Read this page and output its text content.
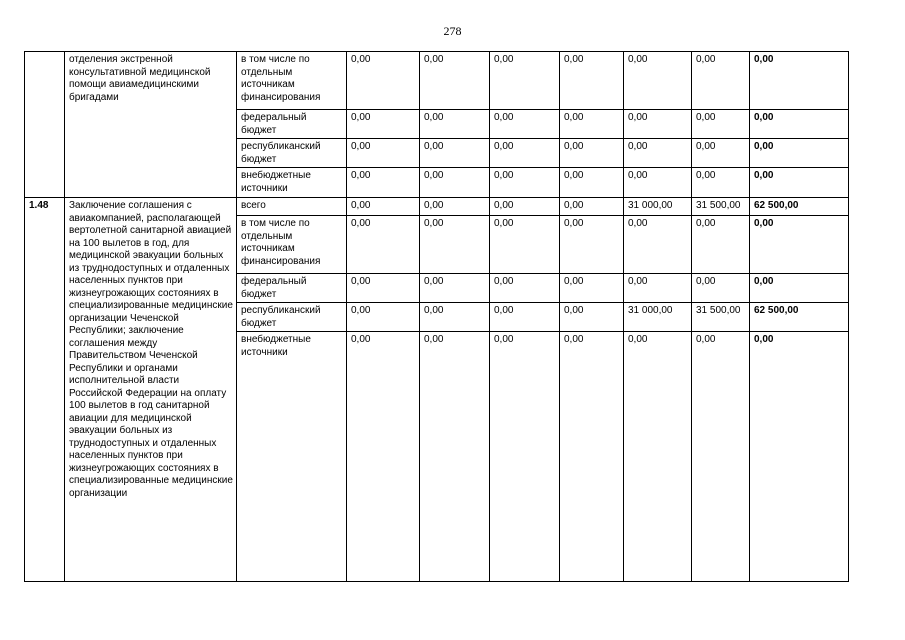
278
	отделения экстренной консультативной медицинской помощи авиамедицинскими бригадами	в том числе по отдельным источникам финансирования	0,00	0,00	0,00	0,00	0,00	0,00	0,00
		федеральный бюджет	0,00	0,00	0,00	0,00	0,00	0,00	0,00
		республиканский бюджет	0,00	0,00	0,00	0,00	0,00	0,00	0,00
		внебюджетные источники	0,00	0,00	0,00	0,00	0,00	0,00	0,00
1.48	Заключение соглашения с авиакомпанией, располагающей вертолетной санитарной авиацией на 100 вылетов в год, для медицинской эвакуации больных из труднодоступных и отдаленных населенных пунктов при жизнеугрожающих состояниях в специализированные медицинские организации Чеченской Республики; заключение соглашения между Правительством Чеченской Республики и органами исполнительной власти Российской Федерации на оплату 100 вылетов в год санитарной авиации для медицинской эвакуации больных из труднодоступных и отдаленных населенных пунктов при жизнеугрожающих состояниях в специализированные медицинские организации	всего	0,00	0,00	0,00	0,00	31 000,00	31 500,00	62 500,00
		в том числе по отдельным источникам финансирования	0,00	0,00	0,00	0,00	0,00	0,00	0,00
		федеральный бюджет	0,00	0,00	0,00	0,00	0,00	0,00	0,00
		республиканский бюджет	0,00	0,00	0,00	0,00	31 000,00	31 500,00	62 500,00
		внебюджетные источники	0,00	0,00	0,00	0,00	0,00	0,00	0,00
